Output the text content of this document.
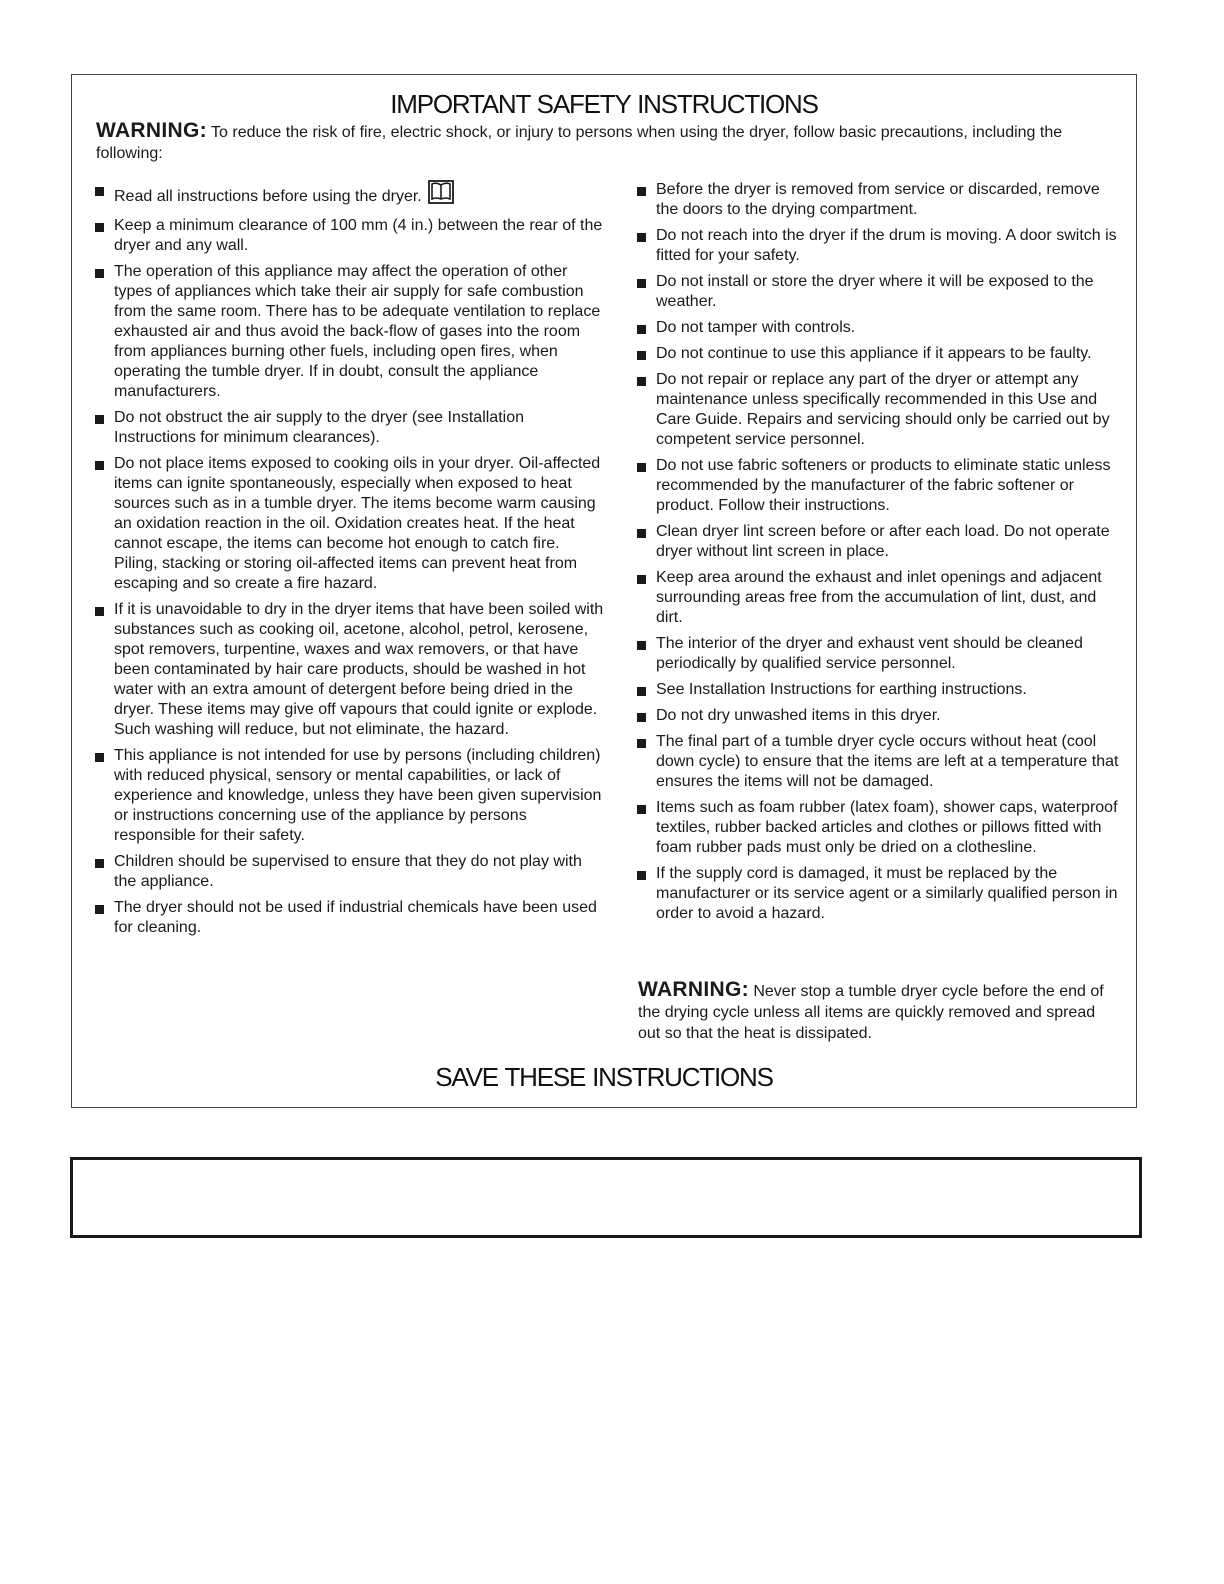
IMPORTANT SAFETY INSTRUCTIONS

WARNING: To reduce the risk of fire, electric shock, or injury to persons when using the dryer, follow basic precautions, including the following:

Read all instructions before using the dryer.
Keep a minimum clearance of 100 mm (4 in.) between the rear of the dryer and any wall.
The operation of this appliance may affect the operation of other types of appliances which take their air supply for safe combustion from the same room. There has to be adequate ventilation to replace exhausted air and thus avoid the back-flow of gases into the room from appliances burning other fuels, including open fires, when operating the tumble dryer. If in doubt, consult the appliance manufacturers.
Do not obstruct the air supply to the dryer (see Installation Instructions for minimum clearances).
Do not place items exposed to cooking oils in your dryer. Oil-affected items can ignite spontaneously, especially when exposed to heat sources such as in a tumble dryer. The items become warm causing an oxidation reaction in the oil. Oxidation creates heat. If the heat cannot escape, the items can become hot enough to catch fire. Piling, stacking or storing oil-affected items can prevent heat from escaping and so create a fire hazard.
If it is unavoidable to dry in the dryer items that have been soiled with substances such as cooking oil, acetone, alcohol, petrol, kerosene, spot removers, turpentine, waxes and wax removers, or that have been contaminated by hair care products, should be washed in hot water with an extra amount of detergent before being dried in the dryer. These items may give off vapours that could ignite or explode. Such washing will reduce, but not eliminate, the hazard.
This appliance is not intended for use by persons (including children) with reduced physical, sensory or mental capabilities, or lack of experience and knowledge, unless they have been given supervision or instructions concerning use of the appliance by persons responsible for their safety.
Children should be supervised to ensure that they do not play with the appliance.
The dryer should not be used if industrial chemicals have been used for cleaning.
Before the dryer is removed from service or discarded, remove the doors to the drying compartment.
Do not reach into the dryer if the drum is moving. A door switch is fitted for your safety.
Do not install or store the dryer where it will be exposed to the weather.
Do not tamper with controls.
Do not continue to use this appliance if it appears to be faulty.
Do not repair or replace any part of the dryer or attempt any maintenance unless specifically recommended in this Use and Care Guide. Repairs and servicing should only be carried out by competent service personnel.
Do not use fabric softeners or products to eliminate static unless recommended by the manufacturer of the fabric softener or product. Follow their instructions.
Clean dryer lint screen before or after each load. Do not operate dryer without lint screen in place.
Keep area around the exhaust and inlet openings and adjacent surrounding areas free from the accumulation of lint, dust, and dirt.
The interior of the dryer and exhaust vent should be cleaned periodically by qualified service personnel.
See Installation Instructions for earthing instructions.
Do not dry unwashed items in this dryer.
The final part of a tumble dryer cycle occurs without heat (cool down cycle) to ensure that the items are left at a temperature that ensures the items will not be damaged.
Items such as foam rubber (latex foam), shower caps, waterproof textiles, rubber backed articles and clothes or pillows fitted with foam rubber pads must only be dried on a clothesline.
If the supply cord is damaged, it must be replaced by the manufacturer or its service agent or a similarly qualified person in order to avoid a hazard.

WARNING: Never stop a tumble dryer cycle before the end of the drying cycle unless all items are quickly removed and spread out so that the heat is dissipated.

SAVE THESE INSTRUCTIONS
